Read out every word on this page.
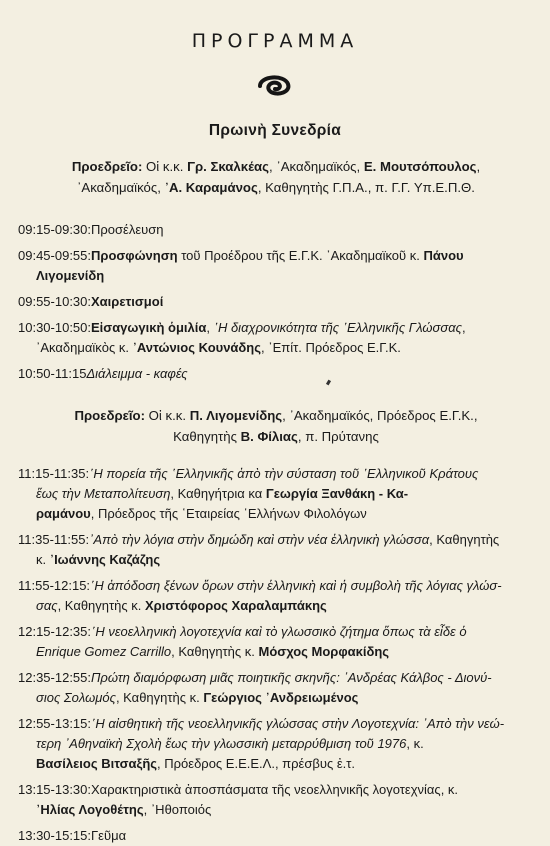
ΠΡΟΓΡΑΜΜΑ
Πρωινὴ Συνεδρία
Προεδρεῖο: Οἱ κ.κ. Γρ. Σκαλκέας, ᾿Ακαδημαϊκός, Ε. Μουτσόπουλος,
᾿Ακαδημαϊκός, ᾿Α. Καραμάνος, Καθηγητὴς Γ.Π.Α., π. Γ.Γ. Υπ.Ε.Π.Θ.
09:15-09:30: Προσέλευση
09:45-09:55: Προσφώνηση τοῦ Προέδρου τῆς Ε.Γ.Κ. ᾿Ακαδημαϊκοῦ κ. Πάνου
Λιγομενίδη
09:55-10:30: Χαιρετισμοί
10:30-10:50: Εἰσαγωγικὴ ὁμιλία, ῾Η διαχρονικότητα τῆς ῾Ελληνικῆς Γλώσσας,
᾿Ακαδημαϊκὸς κ. ᾿Αντώνιος Κουνάδης, ᾿Επίτ. Πρόεδρος Ε.Γ.Κ.
10:50-11:15 Διάλειμμα - καφές
Προεδρεῖο: Οἱ κ.κ. Π. Λιγομενίδης, ᾿Ακαδημαϊκός, Πρόεδρος Ε.Γ.Κ.,
Καθηγητὴς Β. Φίλιας, π. Πρύτανης
11:15-11:35: ῾Η πορεία τῆς ῾Ελληνικῆς ἀπὸ τὴν σύσταση τοῦ ῾Ελληνικοῦ Κράτους
ἕως τὴν Μεταπολίτευση, Καθηγήτρια κα Γεωργία Ξανθάκη - Κα-
ραμάνου, Πρόεδρος τῆς ῾Εταιρείας ῾Ελλήνων Φιλολόγων
11:35-11:55: ᾿Απὸ τὴν λόγια στὴν δημώδη καὶ στὴν νέα ἑλληνικὴ γλώσσα, Καθηγητὴς
κ. ᾿Ιωάννης Καζάζης
11:55-12:15: ῾Η ἀπόδοση ξένων ὅρων στὴν ἑλληνικὴ καὶ ἡ συμβολὴ τῆς λόγιας γλώσ-
σας, Καθηγητὴς κ. Χριστόφορος Χαραλαμπάκης
12:15-12:35: ῾Η νεοελληνικὴ λογοτεχνία καὶ τὸ γλωσσικὸ ζήτημα ὅπως τὰ εἶδε ὁ
Enrique Gomez Carrillo, Καθηγητὴς κ. Μόσχος Μορφακίδης
12:35-12:55: Πρώτη διαμόρφωση μιᾶς ποιητικῆς σκηνῆς: ᾿Ανδρέας Κάλβος - Διονύ-
σιος Σολωμός, Καθηγητὴς κ. Γεώργιος ᾿Ανδρειωμένος
12:55-13:15: ῾Η αἰσθητικὴ τῆς νεοελληνικῆς γλώσσας στὴν Λογοτεχνία: ᾿Απὸ τὴν νεώ-
τερη ᾿Αθηναϊκὴ Σχολὴ ἕως τὴν γλωσσικὴ μεταρρύθμιση τοῦ 1976, κ.
Βασίλειος Βιτσαξῆς, Πρόεδρος Ε.Ε.Ε.Λ., πρέσβυς ἐ.τ.
13:15-13:30: Χαρακτηριστικὰ ἀποσπάσματα τῆς νεοελληνικῆς λογοτεχνίας, κ.
᾿Ηλίας Λογοθέτης, ᾿Ηθοποιός
13:30-15:15: Γεῦμα
